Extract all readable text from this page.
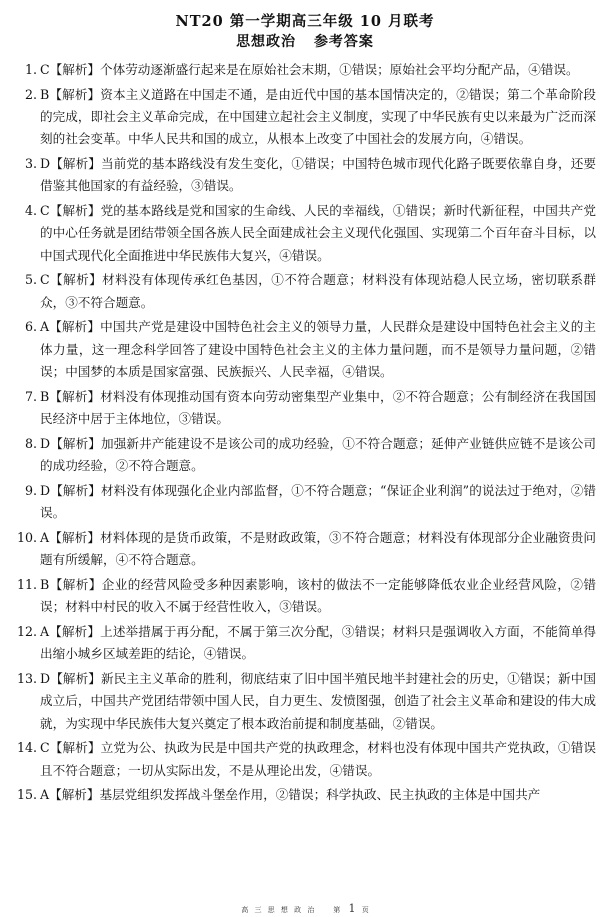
NT20 第一学期高三年级 10 月联考
思想政治 参考答案
1. C【解析】个体劳动逐渐盛行起来是在原始社会末期，①错误；原始社会平均分配产品，④错误。
2. B【解析】资本主义道路在中国走不通，是由近代中国的基本国情决定的，②错误；第二个革命阶段的完成，即社会主义革命完成，在中国建立起社会主义制度，实现了中华民族有史以来最为广泛而深刻的社会变革。中华人民共和国的成立，从根本上改变了中国社会的发展方向，④错误。
3. D【解析】当前党的基本路线没有发生变化，①错误；中国特色城市现代化路子既要依靠自身，还要借鉴其他国家的有益经验，③错误。
4. C【解析】党的基本路线是党和国家的生命线、人民的幸福线，①错误；新时代新征程，中国共产党的中心任务就是团结带领全国各族人民全面建成社会主义现代化强国、实现第二个百年奋斗目标，以中国式现代化全面推进中华民族伟大复兴，④错误。
5. C【解析】材料没有体现传承红色基因，①不符合题意；材料没有体现站稳人民立场，密切联系群众，③不符合题意。
6. A【解析】中国共产党是建设中国特色社会主义的领导力量，人民群众是建设中国特色社会主义的主体力量，这一理念科学回答了建设中国特色社会主义的主体力量问题，而不是领导力量问题，②错误；中国梦的本质是国家富强、民族振兴、人民幸福，④错误。
7. B【解析】材料没有体现推动国有资本向劳动密集型产业集中，②不符合题意；公有制经济在我国国民经济中居于主体地位，③错误。
8. D【解析】加强新井产能建设不是该公司的成功经验，①不符合题意；延伸产业链供应链不是该公司的成功经验，②不符合题意。
9. D【解析】材料没有体现强化企业内部监督，①不符合题意；“保证企业利润”的说法过于绝对，②错误。
10. A【解析】材料体现的是货币政策，不是财政政策，③不符合题意；材料没有体现部分企业融资贵问题有所缓解，④不符合题意。
11. B【解析】企业的经营风险受多种因素影响，该村的做法不一定能够降低农业企业经营风险，②错误；材料中村民的收入不属于经营性收入，③错误。
12. A【解析】上述举措属于再分配，不属于第三次分配，③错误；材料只是强调收入方面，不能简单得出缩小城乡区域差距的结论，④错误。
13. D【解析】新民主主义革命的胜利，彻底结束了旧中国半殖民地半封建社会的历史，①错误；新中国成立后，中国共产党团结带领中国人民，自力更生、发愤图强，创造了社会主义革命和建设的伟大成就，为实现中华民族伟大复兴奠定了根本政治前提和制度基础，②错误。
14. C【解析】立党为公、执政为民是中国共产党的执政理念，材料也没有体现中国共产党执政，①错误且不符合题意；一切从实际出发，不是从理论出发，④错误。
15. A【解析】基层党组织发挥战斗堡垒作用，②错误；科学执政、民主执政的主体是中国共产
高 三 思 想 政 治 第 1 页
